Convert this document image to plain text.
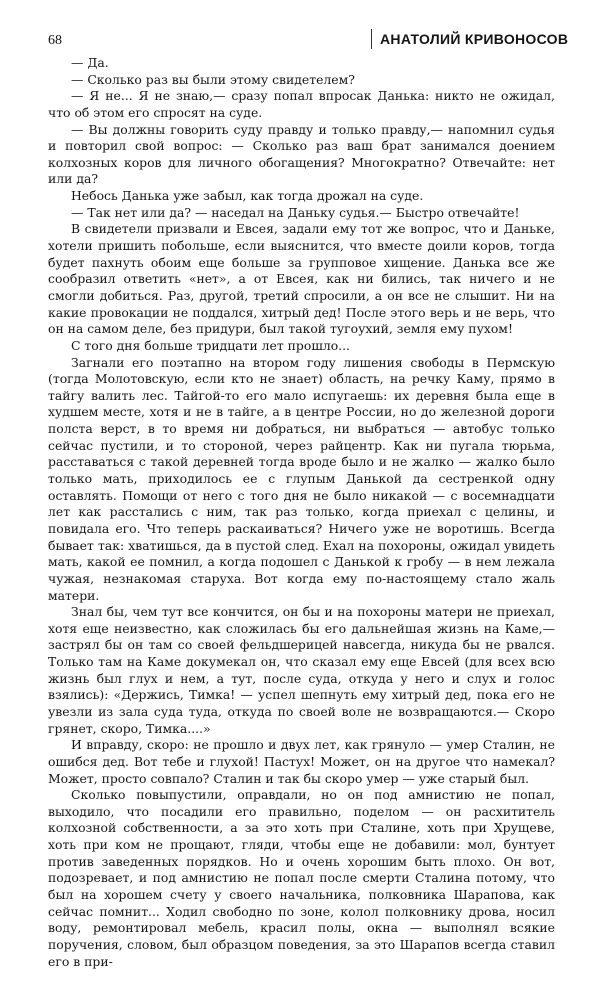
68	АНАТОЛИЙ КРИВОНОСОВ

— Да.

— Сколько раз вы были этому свидетелем?

— Я не... Я не знаю,— сразу попал впросак Данька: никто не ожидал, что об этом его спросят на суде.

— Вы должны говорить суду правду и только правду,— напомнил судья и повторил свой вопрос: — Сколько раз ваш брат занимался доением колхозных коров для личного обогащения? Многократно? Отвечайте: нет или да?

Небось Данька уже забыл, как тогда дрожал на суде.

— Так нет или да? — наседал на Даньку судья.— Быстро отвечайте!

В свидетели призвали и Евсея, задали ему тот же вопрос, что и Даньке, хотели пришить побольше, если выяснится, что вместе доили коров, тогда будет пахнуть обоим еще больше за групповое хищение. Данька все же сообразил ответить «нет», а от Евсея, как ни бились, так ничего и не смогли добиться. Раз, другой, третий спросили, а он все не слышит. Ни на какие провокации не поддался, хитрый дед! После этого верь и не верь, что он на самом деле, без придури, был такой тугоухий, земля ему пухом!

С того дня больше тридцати лет прошло...

Загнали его поэтапно на втором году лишения свободы в Пермскую (тогда Молотовскую, если кто не знает) область, на речку Каму, прямо в тайгу валить лес. Тайгой-то его мало испугаешь: их деревня была еще в худшем месте, хотя и не в тайге, а в центре России, но до железной дороги полста верст, в то время ни добраться, ни выбраться — автобус только сейчас пустили, и то стороной, через райцентр. Как ни пугала тюрьма, расставаться с такой деревней тогда вроде было и не жалко — жалко было только мать, приходилось ее с глупым Данькой да сестренкой одну оставлять. Помощи от него с того дня не было никакой — с восемнадцати лет как расстались с ним, так раз только, когда приехал с целины, и повидала его. Что теперь раскаиваться? Ничего уже не воротишь. Всегда бывает так: хватишься, да в пустой след. Ехал на похороны, ожидал увидеть мать, какой ее помнил, а когда подошел с Данькой к гробу — в нем лежала чужая, незнакомая старуха. Вот когда ему по-настоящему стало жаль матери.

Знал бы, чем тут все кончится, он бы и на похороны матери не приехал, хотя еще неизвестно, как сложилась бы его дальнейшая жизнь на Каме,— застрял бы он там со своей фельдшерицей навсегда, никуда бы не рвался. Только там на Каме докумекал он, что сказал ему еще Евсей (для всех всю жизнь был глух и нем, а тут, после суда, откуда у него и слух и голос взялись): «Держись, Тимка! — успел шепнуть ему хитрый дед, пока его не увезли из зала суда туда, откуда по своей воле не возвращаются.— Скоро грянет, скоро, Тимка....»

И вправду, скоро: не прошло и двух лет, как грянуло — умер Сталин, не ошибся дед. Вот тебе и глухой! Пастух! Может, он на другое что намекал? Может, просто совпало? Сталин и так бы скоро умер — уже старый был.

Сколько повыпустили, оправдали, но он под амнистию не попал, выходило, что посадили его правильно, поделом — он расхититель колхозной собственности, а за это хоть при Сталине, хоть при Хрущеве, хоть при ком не прощают, гляди, чтобы еще не добавили: мол, бунтует против заведенных порядков. Но и очень хорошим быть плохо. Он вот, подозревает, и под амнистию не попал после смерти Сталина потому, что был на хорошем счету у своего начальника, полковника Шарапова, как сейчас помнит... Ходил свободно по зоне, колол полковнику дрова, носил воду, ремонтировал мебель, красил полы, окна — выполнял всякие поручения, словом, был образцом поведения, за это Шарапов всегда ставил его в при-
